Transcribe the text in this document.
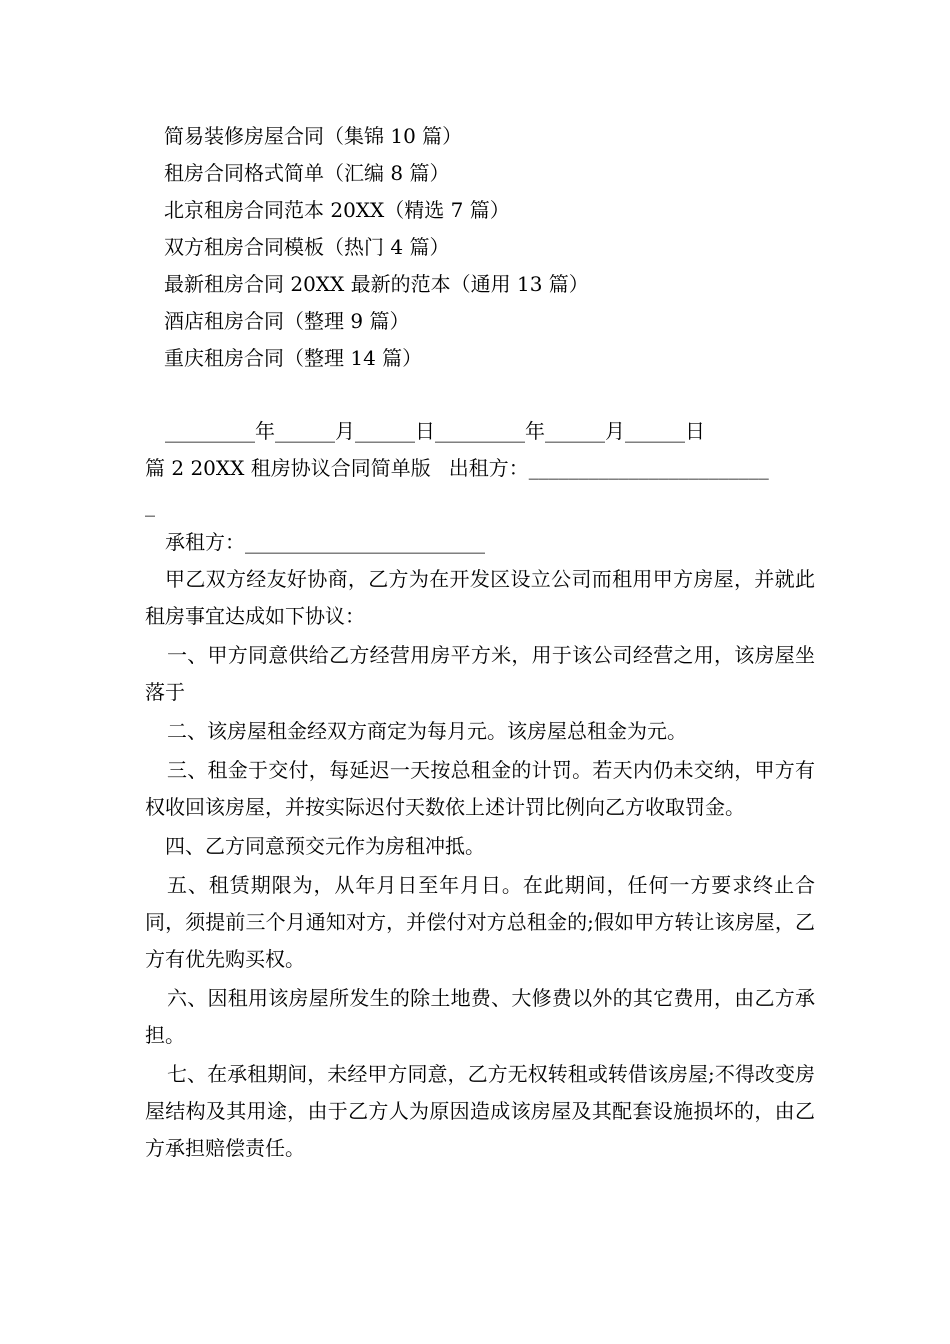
简易装修房屋合同（集锦 10 篇）
租房合同格式简单（汇编 8 篇）
北京租房合同范本 20XX（精选 7 篇）
双方租房合同模板（热门 4 篇）
最新租房合同 20XX 最新的范本（通用 13 篇）
酒店租房合同（整理 9 篇）
重庆租房合同（整理 14 篇）
_________年______月______日_________年______月______日
篇 2 20XX 租房协议合同简单版 出租方：________________________
_
承租方：________________________
甲乙双方经友好协商，乙方为在开发区设立公司而租用甲方房屋，并就此租房事宜达成如下协议：
一、甲方同意供给乙方经营用房平方米，用于该公司经营之用，该房屋坐落于
二、该房屋租金经双方商定为每月元。该房屋总租金为元。
三、租金于交付，每延迟一天按总租金的计罚。若天内仍未交纳，甲方有权收回该房屋，并按实际迟付天数依上述计罚比例向乙方收取罚金。
四、乙方同意预交元作为房租冲抵。
五、租赁期限为，从年月日至年月日。在此期间，任何一方要求终止合同，须提前三个月通知对方，并偿付对方总租金的;假如甲方转让该房屋，乙方有优先购买权。
六、因租用该房屋所发生的除土地费、大修费以外的其它费用，由乙方承担。
七、在承租期间，未经甲方同意，乙方无权转租或转借该房屋;不得改变房屋结构及其用途，由于乙方人为原因造成该房屋及其配套设施损坏的，由乙方承担赔偿责任。
